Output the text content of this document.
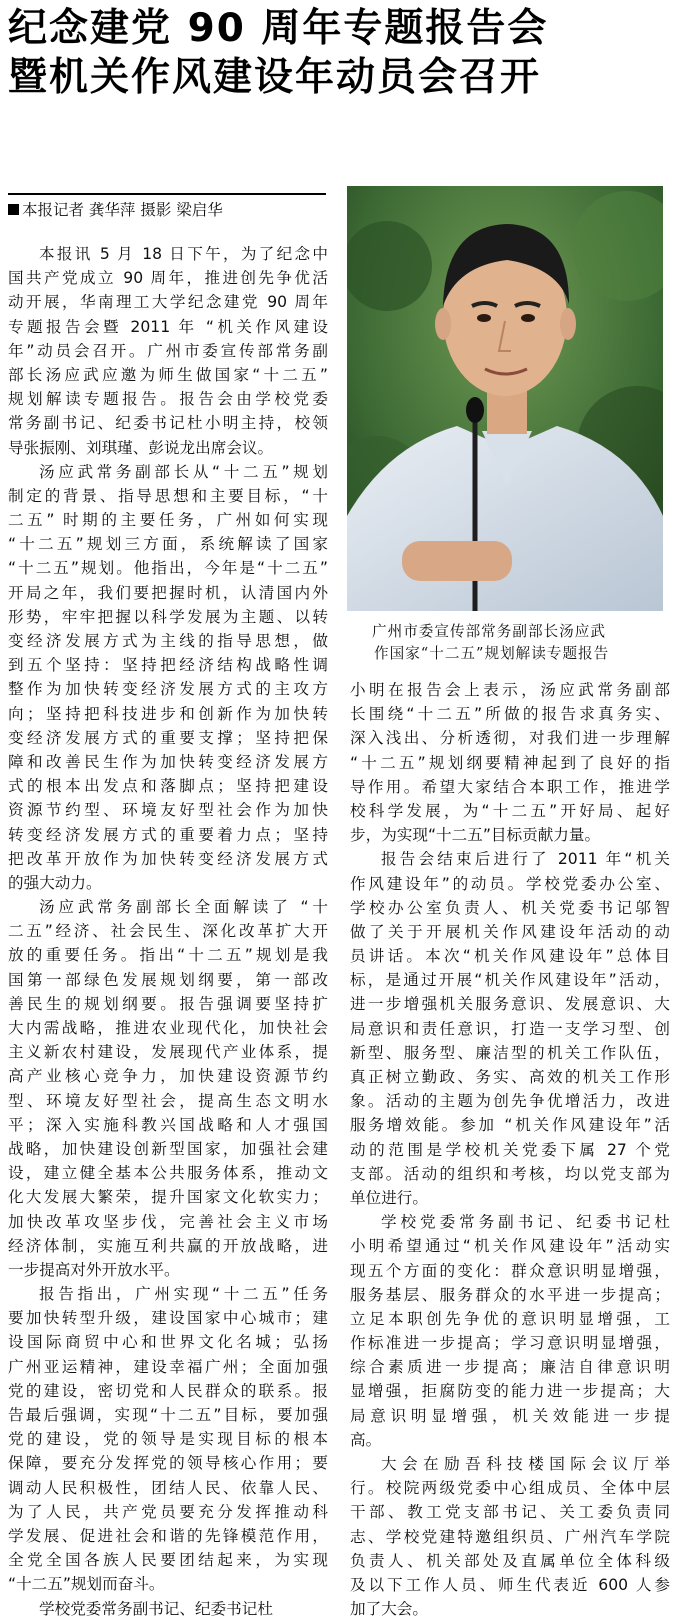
纪念建党 90 周年专题报告会
暨机关作风建设年动员会召开
本报记者 龚华萍 摄影 梁启华
广州市委宣传部常务副部长汤应武
作国家“十二五”规划解读专题报告
本报讯 5 月 18 日下午，为了纪念中
国共产党成立 90 周年，推进创先争优活
动开展，华南理工大学纪念建党 90 周年
专题报告会暨 2011 年 “机关作风建设
年”动员会召开。广州市委宣传部常务副
部长汤应武应邀为师生做国家“十二五”
规划解读专题报告。报告会由学校党委
常务副书记、纪委书记杜小明主持，校领
导张振刚、刘琪瑾、彭说龙出席会议。
汤应武常务副部长从“十二五”规划
制定的背景、指导思想和主要目标，“十
二五” 时期的主要任务，广州如何实现
“十二五”规划三方面，系统解读了国家
“十二五”规划。他指出，今年是“十二五”
开局之年，我们要把握时机，认清国内外
形势，牢牢把握以科学发展为主题、以转
变经济发展方式为主线的指导思想，做
到五个坚持：坚持把经济结构战略性调
整作为加快转变经济发展方式的主攻方
向；坚持把科技进步和创新作为加快转
变经济发展方式的重要支撑；坚持把保
障和改善民生作为加快转变经济发展方
式的根本出发点和落脚点；坚持把建设
资源节约型、环境友好型社会作为加快
转变经济发展方式的重要着力点；坚持
把改革开放作为加快转变经济发展方式
的强大动力。
汤应武常务副部长全面解读了 “十
二五”经济、社会民生、深化改革扩大开
放的重要任务。指出“十二五”规划是我
国第一部绿色发展规划纲要，第一部改
善民生的规划纲要。报告强调要坚持扩
大内需战略，推进农业现代化，加快社会
主义新农村建设，发展现代产业体系，提
高产业核心竞争力，加快建设资源节约
型、环境友好型社会，提高生态文明水
平；深入实施科教兴国战略和人才强国
战略，加快建设创新型国家，加强社会建
设，建立健全基本公共服务体系，推动文
化大发展大繁荣，提升国家文化软实力；
加快改革攻坚步伐，完善社会主义市场
经济体制，实施互利共赢的开放战略，进
一步提高对外开放水平。
报告指出，广州实现“十二五”任务
要加快转型升级，建设国家中心城市；建
设国际商贸中心和世界文化名城；弘扬
广州亚运精神，建设幸福广州；全面加强
党的建设，密切党和人民群众的联系。报
告最后强调，实现“十二五”目标，要加强
党的建设，党的领导是实现目标的根本
保障，要充分发挥党的领导核心作用；要
调动人民积极性，团结人民、依靠人民、
为了人民，共产党员要充分发挥推动科
学发展、促进社会和谐的先锋模范作用，
全党全国各族人民要团结起来，为实现
“十二五”规划而奋斗。
学校党委常务副书记、纪委书记杜
小明在报告会上表示，汤应武常务副部
长围绕“十二五”所做的报告求真务实、
深入浅出、分析透彻，对我们进一步理解
“十二五”规划纲要精神起到了良好的指
导作用。希望大家结合本职工作，推进学
校科学发展，为“十二五”开好局、起好
步，为实现“十二五”目标贡献力量。
报告会结束后进行了 2011 年“机关
作风建设年”的动员。学校党委办公室、
学校办公室负责人、机关党委书记邬智
做了关于开展机关作风建设年活动的动
员讲话。本次“机关作风建设年”总体目
标，是通过开展“机关作风建设年”活动，
进一步增强机关服务意识、发展意识、大
局意识和责任意识，打造一支学习型、创
新型、服务型、廉洁型的机关工作队伍，
真正树立勤政、务实、高效的机关工作形
象。活动的主题为创先争优增活力，改进
服务增效能。参加 “机关作风建设年”活
动的范围是学校机关党委下属 27 个党
支部。活动的组织和考核，均以党支部为
单位进行。
学校党委常务副书记、纪委书记杜
小明希望通过“机关作风建设年”活动实
现五个方面的变化：群众意识明显增强，
服务基层、服务群众的水平进一步提高；
立足本职创先争优的意识明显增强，工
作标准进一步提高；学习意识明显增强，
综合素质进一步提高；廉洁自律意识明
显增强，拒腐防变的能力进一步提高；大
局意识明显增强，机关效能进一步提
高。
大会在励吾科技楼国际会议厅举
行。校院两级党委中心组成员、全体中层
干部、教工党支部书记、关工委负责同
志、学校党建特邀组织员、广州汽车学院
负责人、机关部处及直属单位全体科级
及以下工作人员、师生代表近 600 人参
加了大会。
